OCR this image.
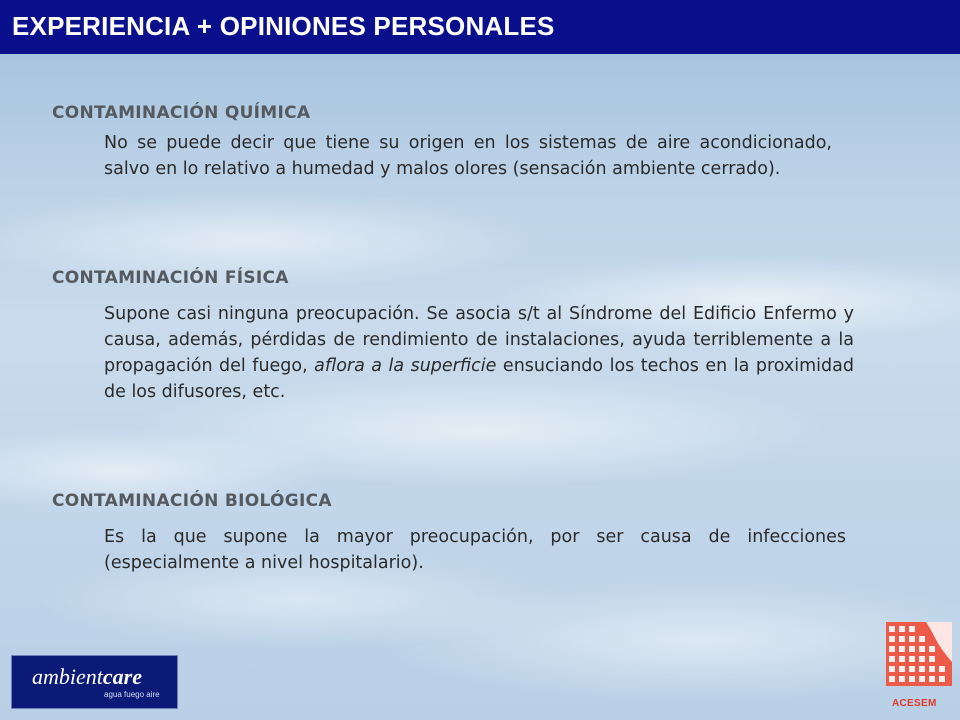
EXPERIENCIA + OPINIONES PERSONALES
CONTAMINACIÓN QUÍMICA
No se puede decir que tiene su origen en los sistemas de aire acondicionado, salvo en lo relativo a humedad y malos olores (sensación ambiente cerrado).
CONTAMINACIÓN FÍSICA
Supone casi ninguna preocupación. Se asocia s/t al Síndrome del Edificio Enfermo y causa, además, pérdidas de rendimiento de instalaciones, ayuda terriblemente a la propagación del fuego, aflora a la superficie ensuciando los techos en la proximidad de los difusores, etc.
CONTAMINACIÓN BIOLÓGICA
Es la que supone la mayor preocupación, por ser causa de infecciones (especialmente a nivel hospitalario).
ambientcare
agua fuego aire
ACESEM
